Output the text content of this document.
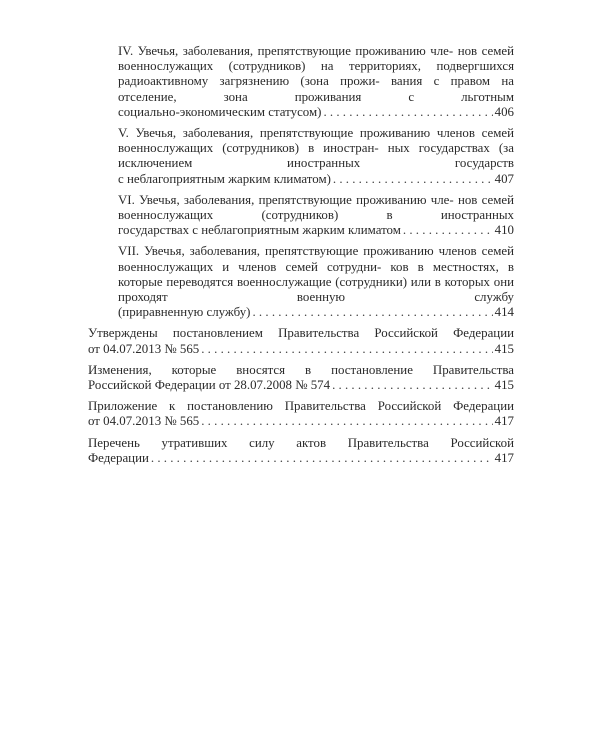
IV. Увечья, заболевания, препятствующие проживанию чле- нов семей военнослужащих (сотрудников) на территориях, подвергшихся радиоактивному загрязнению (зона прожи- вания с правом на отселение, зона проживания с льготным
социально-экономическим статусом) . . .	406
V. Увечья, заболевания, препятствующие проживанию членов семей военнослужащих (сотрудников) в иностран- ных государствах (за исключением иностранных государств
с неблагоприятным жарким климатом) . . .	407
VI. Увечья, заболевания, препятствующие проживанию чле- нов семей военнослужащих (сотрудников) в иностранных
государствах с неблагоприятным жарким климатом . . .	410
VII. Увечья, заболевания, препятствующие проживанию членов семей военнослужащих и членов семей сотрудни- ков в местностях, в которые переводятся военнослужащие (сотрудники) или в которых они проходят военную службу
(приравненную службу) . . .	414
Утверждены постановлением Правительства Российской Федерации
от 04.07.2013 № 565 . . .	415
Изменения, которые вносятся в постановление Правительства
Российской Федерации от 28.07.2008 № 574 . . .	415
Приложение к постановлению Правительства Российской Федерации
от 04.07.2013 № 565 . . .	417
Перечень утративших силу актов Правительства Российской
Федерации . . .	417
